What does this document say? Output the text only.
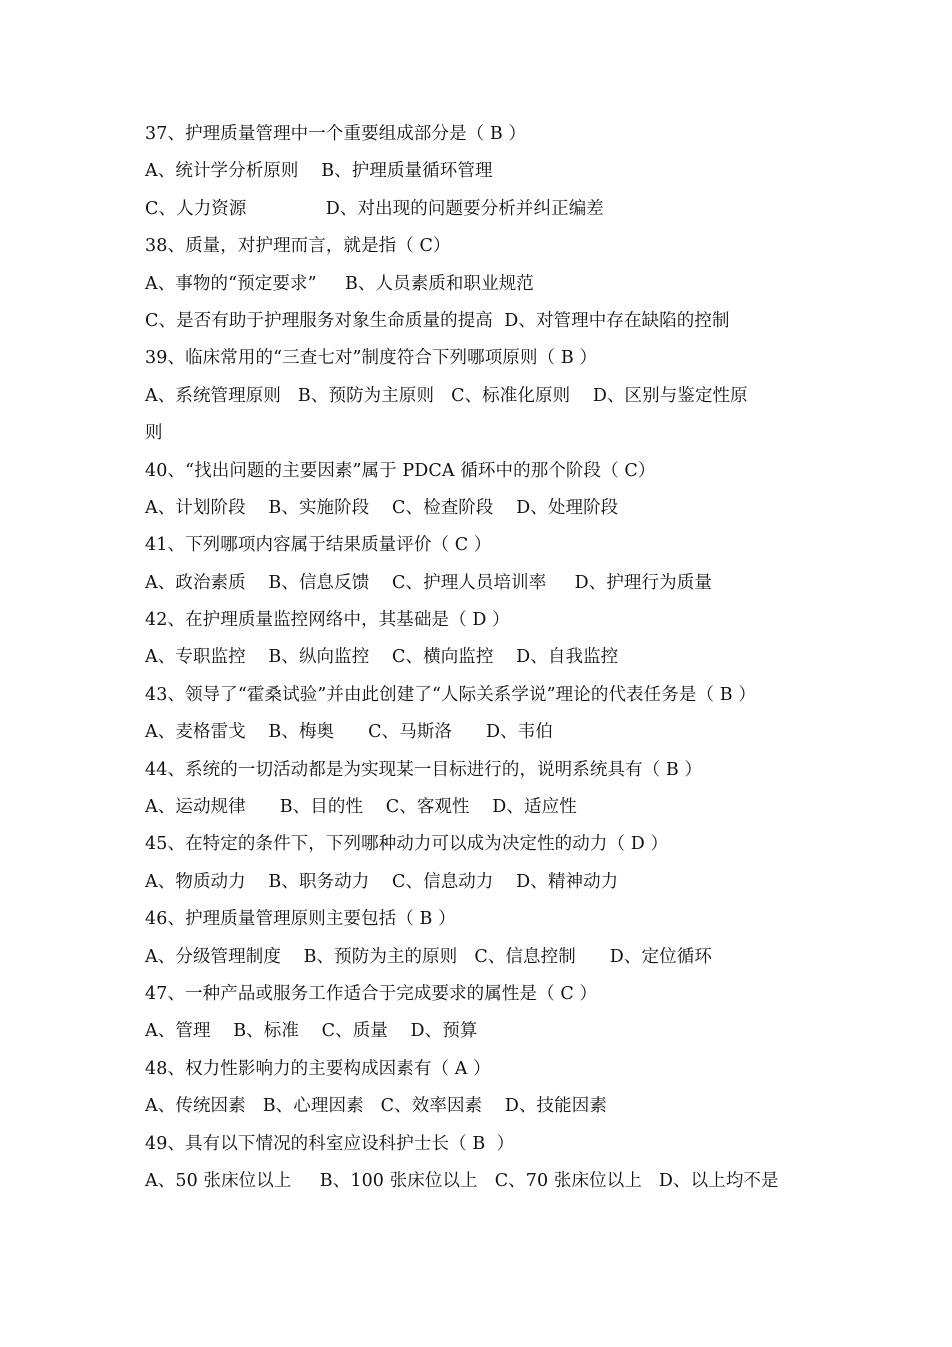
37、护理质量管理中一个重要组成部分是（ B ）
A、统计学分析原则    B、护理质量循环管理
C、人力资源              D、对出现的问题要分析并纠正编差
38、质量，对护理而言，就是指（ C）
A、事物的“预定要求”     B、人员素质和职业规范
C、是否有助于护理服务对象生命质量的提高  D、对管理中存在缺陷的控制
39、临床常用的“三查七对”制度符合下列哪项原则（ B ）
A、系统管理原则   B、预防为主原则   C、标准化原则    D、区别与鉴定性原
则
40、“找出问题的主要因素”属于 PDCA 循环中的那个阶段（ C）
A、计划阶段    B、实施阶段    C、检查阶段    D、处理阶段
41、下列哪项内容属于结果质量评价（ C ）
A、政治素质    B、信息反馈    C、护理人员培训率     D、护理行为质量
42、在护理质量监控网络中，其基础是（ D ）
A、专职监控    B、纵向监控    C、横向监控    D、自我监控
43、领导了“霍桑试验”并由此创建了“人际关系学说”理论的代表任务是（ B ）
A、麦格雷戈    B、梅奥      C、马斯洛      D、韦伯
44、系统的一切活动都是为实现某一目标进行的，说明系统具有（ B ）
A、运动规律      B、目的性    C、客观性    D、适应性
45、在特定的条件下，下列哪种动力可以成为决定性的动力（ D ）
A、物质动力    B、职务动力    C、信息动力    D、精神动力
46、护理质量管理原则主要包括（ B ）
A、分级管理制度    B、预防为主的原则   C、信息控制      D、定位循环
47、一种产品或服务工作适合于完成要求的属性是（ C ）
A、管理    B、标准    C、质量    D、预算
48、权力性影响力的主要构成因素有（ A ）
A、传统因素   B、心理因素   C、效率因素    D、技能因素
49、具有以下情况的科室应设科护士长（ B  ）
A、50 张床位以上     B、100 张床位以上   C、70 张床位以上   D、以上均不是
